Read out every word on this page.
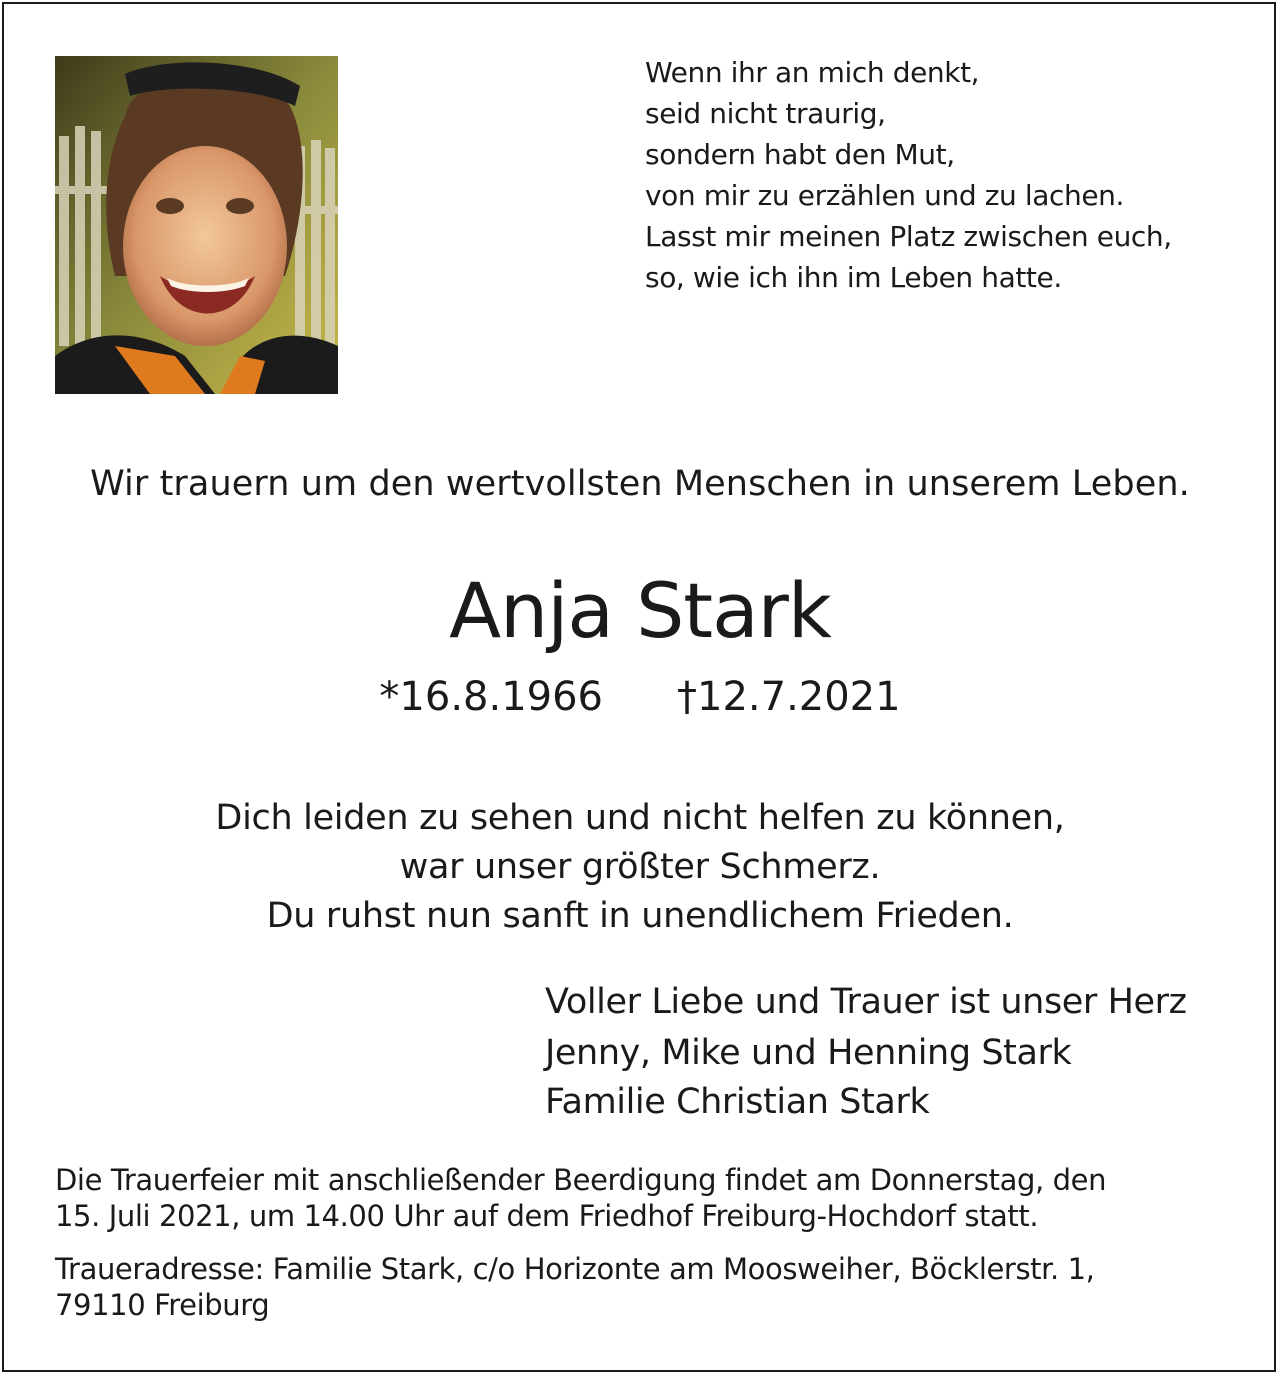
Wenn ihr an mich denkt,
seid nicht traurig,
sondern habt den Mut,
von mir zu erzählen und zu lachen.
Lasst mir meinen Platz zwischen euch,
so, wie ich ihn im Leben hatte.
Wir trauern um den wertvollsten Menschen in unserem Leben.
Anja Stark
*16.8.1966 †12.7.2021
Dich leiden zu sehen und nicht helfen zu können,
war unser größter Schmerz.
Du ruhst nun sanft in unendlichem Frieden.
Voller Liebe und Trauer ist unser Herz
Jenny, Mike und Henning Stark
Familie Christian Stark
Die Trauerfeier mit anschließender Beerdigung findet am Donnerstag, den
15. Juli 2021, um 14.00 Uhr auf dem Friedhof Freiburg-Hochdorf statt.
Traueradresse: Familie Stark, c/o Horizonte am Moosweiher, Böcklerstr. 1,
79110 Freiburg
